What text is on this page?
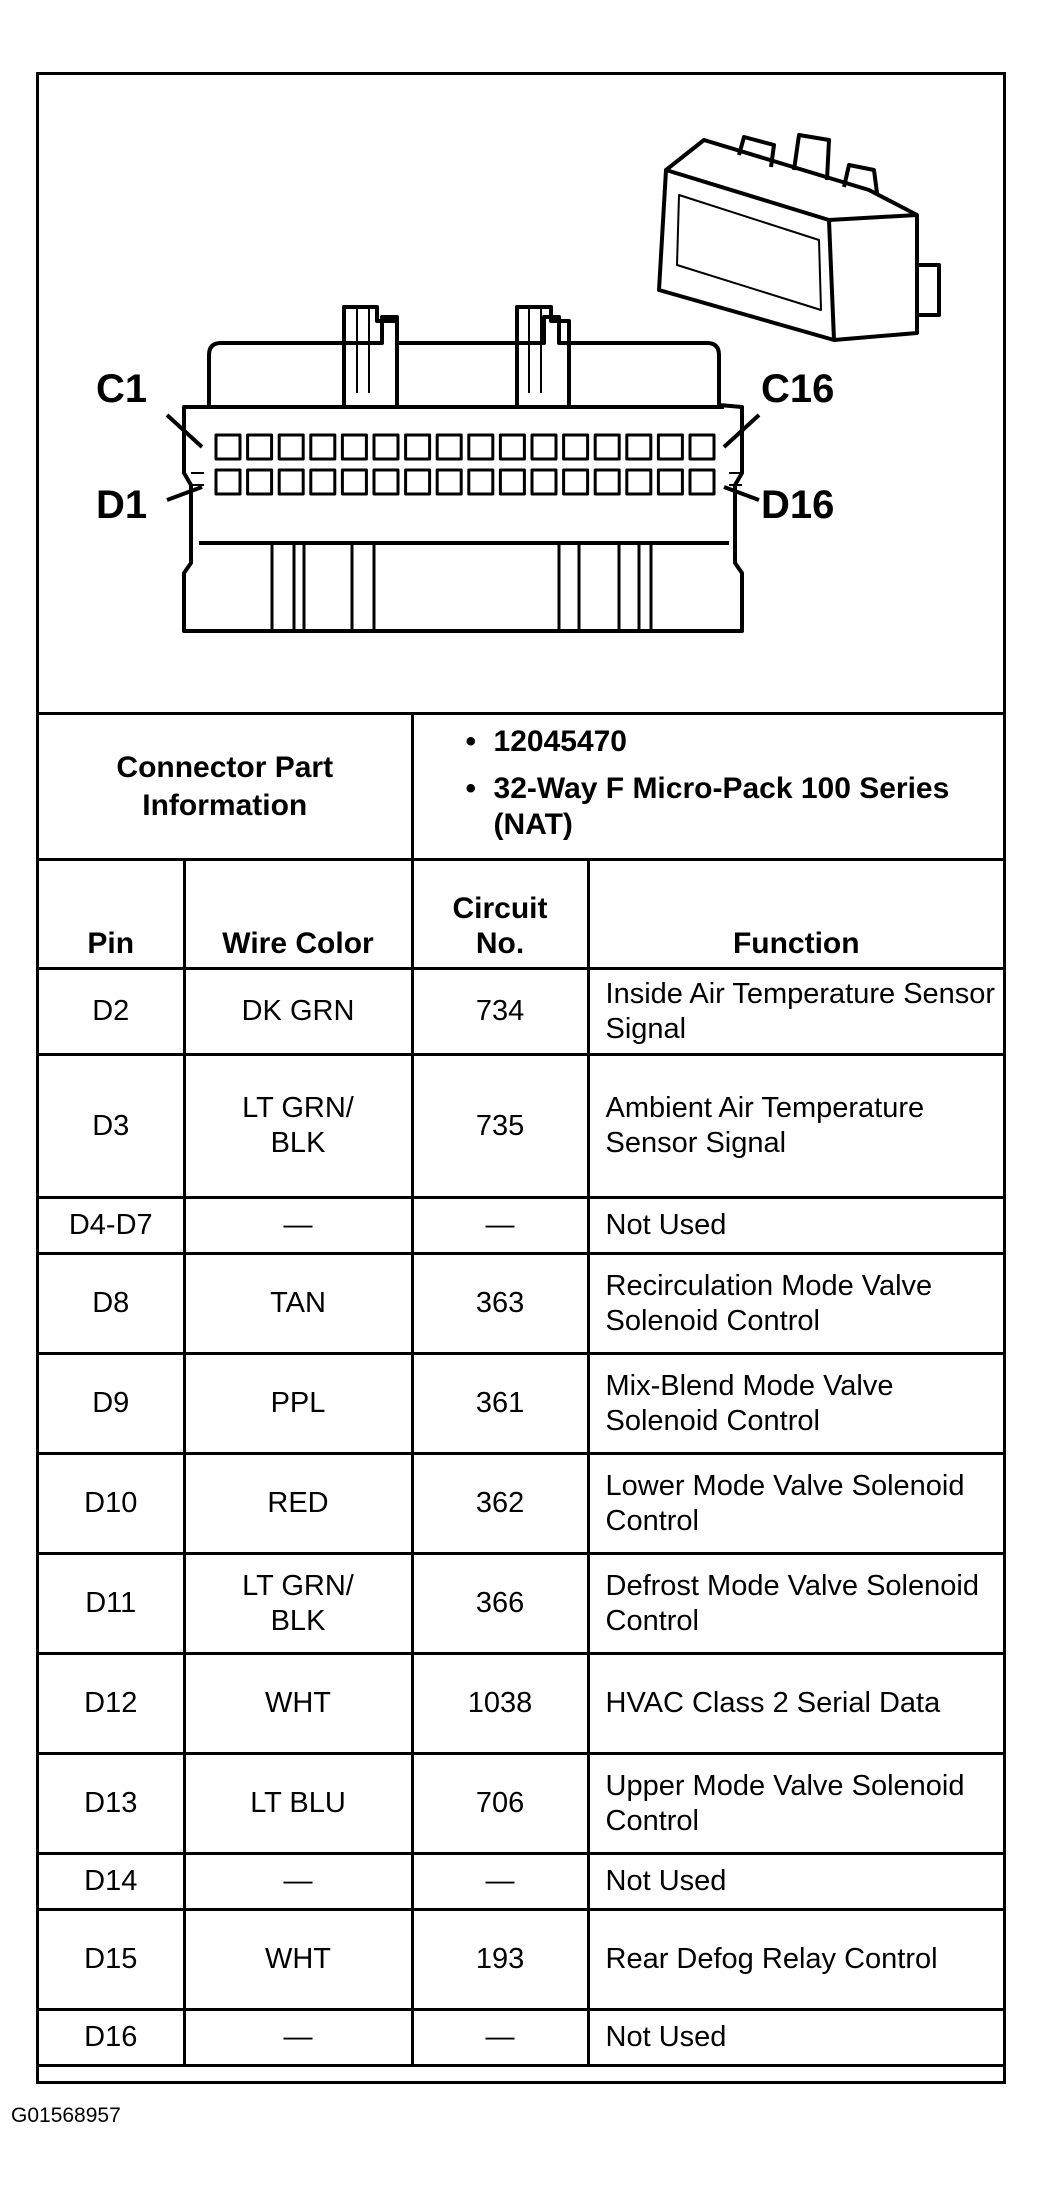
C1	C16
D1	D16
Connector Part Information		• 12045470
• 32-Way F Micro-Pack 100 Series (NAT)	

Pin	Wire Color	Circuit No.	Function
D2	DK GRN	734	Inside Air Temperature Sensor Signal
D3	LT GRN/ BLK	735	Ambient Air Temperature Sensor Signal
D4-D7	—	—	Not Used
D8	TAN	363	Recirculation Mode Valve Solenoid Control
D9	PPL	361	Mix-Blend Mode Valve Solenoid Control
D10	RED	362	Lower Mode Valve Solenoid Control
D11	LT GRN/ BLK	366	Defrost Mode Valve Solenoid Control
D12	WHT	1038	HVAC Class 2 Serial Data
D13	LT BLU	706	Upper Mode Valve Solenoid Control
D14	—	—	Not Used
D15	WHT	193	Rear Defog Relay Control
D16	—	—	Not Used
G01568957
